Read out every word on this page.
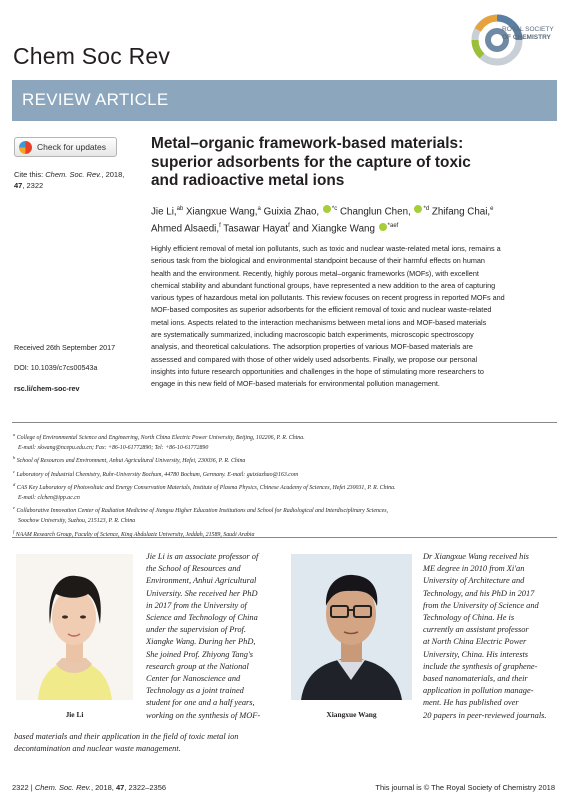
Chem Soc Rev
ROYAL SOCIETY
OF CHEMISTRY
REVIEW ARTICLE
Check for updates
Cite this: Chem. Soc. Rev., 2018,
47, 2322
Received 26th September 2017
DOI: 10.1039/c7cs00543a
rsc.li/chem-soc-rev
Metal–organic framework-based materials:
superior adsorbents for the capture of toxic
and radioactive metal ions
Jie Li,$^{ab}$ Xiangxue Wang,$^a$ Guixia Zhao, $^{*c}$ Changlun Chen, $^{*d}$ Zhifang Chai,$^e$
Ahmed Alsaedi,$^f$ Tasawar Hayat$^f$ and Xiangke Wang $^{*aef}$
Highly efficient removal of metal ion pollutants, such as toxic and nuclear waste-related metal ions, remains a
serious task from the biological and environmental standpoint because of their harmful effects on human
health and the environment. Recently, highly porous metal–organic frameworks (MOFs), with excellent
chemical stability and abundant functional groups, have represented a new addition to the area of capturing
various types of hazardous metal ion pollutants. This review focuses on recent progress in reported MOFs and
MOF-based composites as superior adsorbents for the efficient removal of toxic and nuclear waste-related
metal ions. Aspects related to the interaction mechanisms between metal ions and MOF-based materials
are systematically summarized, including macroscopic batch experiments, microscopic spectroscopy
analysis, and theoretical calculations. The adsorption properties of various MOF-based materials are
assessed and compared with those of other widely used adsorbents. Finally, we propose our personal
insights into future research opportunities and challenges in the hope of stimulating more researchers to
engage in this new field of MOF-based materials for environmental pollution management.

$^a$ College of Environmental Science and Engineering, North China Electric Power University, Beijing, 102206, P. R. China.

E-mail: xkwang@ncepu.edu.cn; Fax: +86-10-61772890; Tel: +86-10-61772890

$^b$ School of Resources and Environment, Anhui Agricultural University, Hefei, 230036, P. R. China

$^c$ Laboratory of Industrial Chemistry, Ruhr-University Bochum, 44780 Bochum, Germany. E-mail: guixiazhao@163.com

$^d$ CAS Key Laboratory of Photovoltaic and Energy Conservation Materials, Institute of Plasma Physics, Chinese Academy of Sciences, Hefei 230031, P. R. China.

E-mail: clchen@ipp.ac.cn

$^e$ Collaborative Innovation Center of Radiation Medicine of Jiangsu Higher Education Institutions and School for Radiological and Interdisciplinary Sciences,

Soochow University, Suzhou, 215123, P. R. China

$^f$ NAAM Research Group, Faculty of Science, King Abdulaziz University, Jeddah, 21589, Saudi Arabia

Jie Li
Jie Li is an associate professor of
the School of Resources and
Environment, Anhui Agricultural
University. She received her PhD
in 2017 from the University of
Science and Technology of China
under the supervision of Prof.
Xiangke Wang. During her PhD,
She joined Prof. Zhiyong Tang's
research group at the National
Center for Nanoscience and
Technology as a joint trained
student for one and a half years,
working on the synthesis of MOF-
based materials and their application in the field of toxic metal ion
decontamination and nuclear waste management.
Xiangxue Wang
Dr Xiangxue Wang received his
ME degree in 2010 from Xi'an
University of Architecture and
Technology, and his PhD in 2017
from the University of Science and
Technology of China. He is
currently an assistant professor
at North China Electric Power
University, China. His interests
include the synthesis of graphene-
based nanomaterials, and their
application in pollution manage-
ment. He has published over
20 papers in peer-reviewed journals.
2322 | Chem. Soc. Rev., 2018, 47, 2322–2356	This journal is © The Royal Society of Chemistry 2018
